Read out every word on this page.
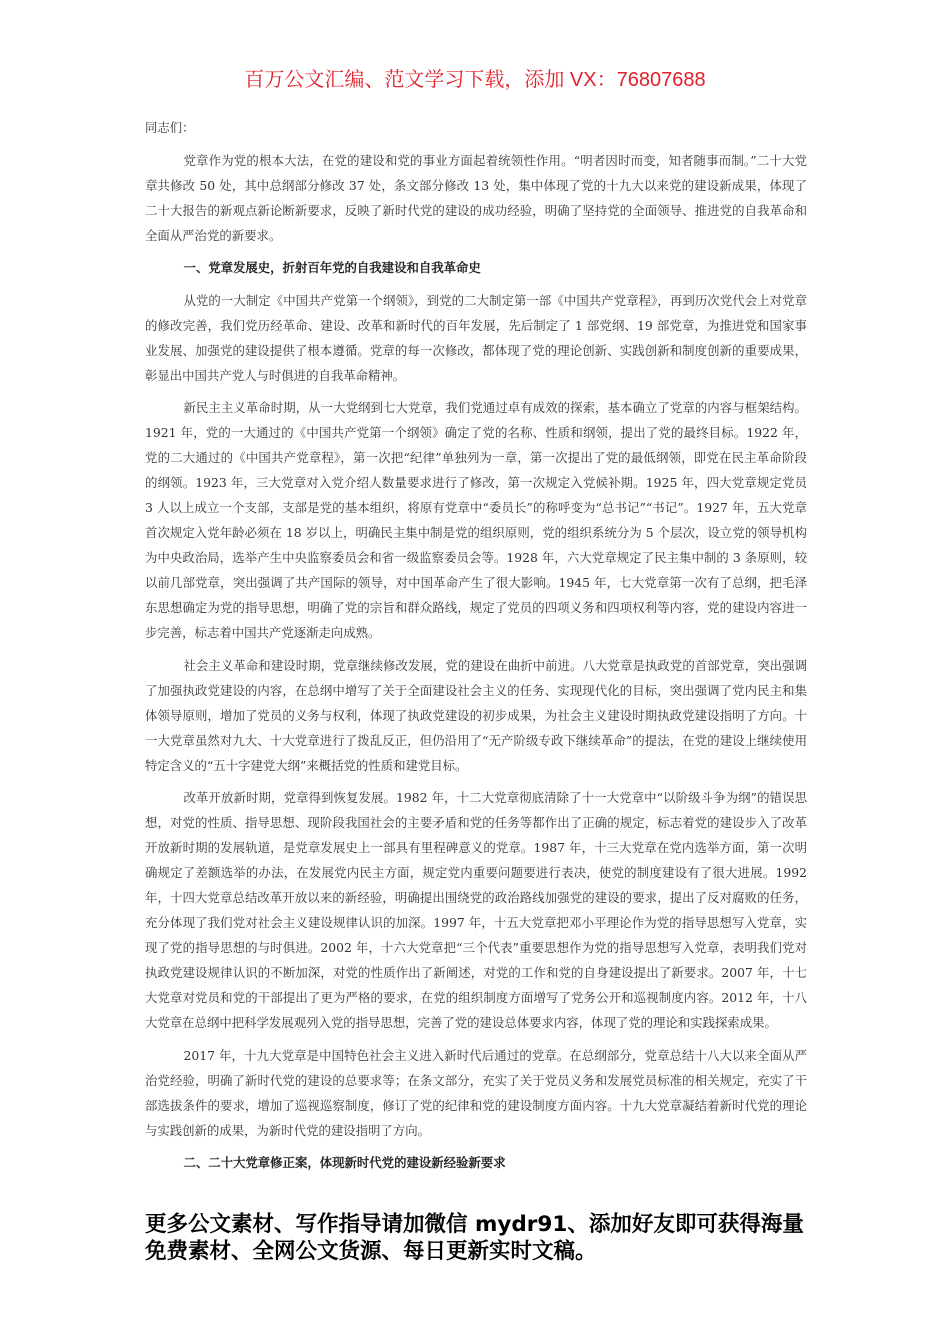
百万公文汇编、范文学习下载，添加 VX：76807688

同志们：

党章作为党的根本大法，在党的建设和党的事业方面起着统领性作用。“明者因时而变，知者随事而制。”二十大党章共修改 50 处，其中总纲部分修改 37 处，条文部分修改 13 处，集中体现了党的十九大以来党的建设新成果，体现了二十大报告的新观点新论断新要求，反映了新时代党的建设的成功经验，明确了坚持党的全面领导、推进党的自我革命和全面从严治党的新要求。

一、党章发展史，折射百年党的自我建设和自我革命史

从党的一大制定《中国共产党第一个纲领》，到党的二大制定第一部《中国共产党章程》，再到历次党代会上对党章的修改完善，我们党历经革命、建设、改革和新时代的百年发展，先后制定了 1 部党纲、19 部党章，为推进党和国家事业发展、加强党的建设提供了根本遵循。党章的每一次修改，都体现了党的理论创新、实践创新和制度创新的重要成果，彰显出中国共产党人与时俱进的自我革命精神。

新民主主义革命时期，从一大党纲到七大党章，我们党通过卓有成效的探索，基本确立了党章的内容与框架结构。1921 年，党的一大通过的《中国共产党第一个纲领》确定了党的名称、性质和纲领，提出了党的最终目标。1922 年，党的二大通过的《中国共产党章程》，第一次把“纪律”单独列为一章，第一次提出了党的最低纲领，即党在民主革命阶段的纲领。1923 年，三大党章对入党介绍人数量要求进行了修改，第一次规定入党候补期。1925 年，四大党章规定党员 3 人以上成立一个支部，支部是党的基本组织，将原有党章中“委员长”的称呼变为“总书记”“书记”。1927 年，五大党章首次规定入党年龄必须在 18 岁以上，明确民主集中制是党的组织原则，党的组织系统分为 5 个层次，设立党的领导机构为中央政治局，选举产生中央监察委员会和省一级监察委员会等。1928 年，六大党章规定了民主集中制的 3 条原则，较以前几部党章，突出强调了共产国际的领导，对中国革命产生了很大影响。1945 年，七大党章第一次有了总纲，把毛泽东思想确定为党的指导思想，明确了党的宗旨和群众路线，规定了党员的四项义务和四项权利等内容，党的建设内容进一步完善，标志着中国共产党逐渐走向成熟。

社会主义革命和建设时期，党章继续修改发展，党的建设在曲折中前进。八大党章是执政党的首部党章，突出强调了加强执政党建设的内容，在总纲中增写了关于全面建设社会主义的任务、实现现代化的目标，突出强调了党内民主和集体领导原则，增加了党员的义务与权利，体现了执政党建设的初步成果，为社会主义建设时期执政党建设指明了方向。十一大党章虽然对九大、十大党章进行了拨乱反正，但仍沿用了“无产阶级专政下继续革命”的提法，在党的建设上继续使用特定含义的“五十字建党大纲”来概括党的性质和建党目标。

改革开放新时期，党章得到恢复发展。1982 年，十二大党章彻底清除了十一大党章中“以阶级斗争为纲”的错误思想，对党的性质、指导思想、现阶段我国社会的主要矛盾和党的任务等都作出了正确的规定，标志着党的建设步入了改革开放新时期的发展轨道，是党章发展史上一部具有里程碑意义的党章。1987 年，十三大党章在党内选举方面，第一次明确规定了差额选举的办法，在发展党内民主方面，规定党内重要问题要进行表决，使党的制度建设有了很大进展。1992 年，十四大党章总结改革开放以来的新经验，明确提出围绕党的政治路线加强党的建设的要求，提出了反对腐败的任务，充分体现了我们党对社会主义建设规律认识的加深。1997 年，十五大党章把邓小平理论作为党的指导思想写入党章，实现了党的指导思想的与时俱进。2002 年，十六大党章把“三个代表”重要思想作为党的指导思想写入党章，表明我们党对执政党建设规律认识的不断加深，对党的性质作出了新阐述，对党的工作和党的自身建设提出了新要求。2007 年，十七大党章对党员和党的干部提出了更为严格的要求，在党的组织制度方面增写了党务公开和巡视制度内容。2012 年，十八大党章在总纲中把科学发展观列入党的指导思想，完善了党的建设总体要求内容，体现了党的理论和实践探索成果。

2017 年，十九大党章是中国特色社会主义进入新时代后通过的党章。在总纲部分，党章总结十八大以来全面从严治党经验，明确了新时代党的建设的总要求等；在条文部分，充实了关于党员义务和发展党员标准的相关规定，充实了干部选拔条件的要求，增加了巡视巡察制度，修订了党的纪律和党的建设制度方面内容。十九大党章凝结着新时代党的理论与实践创新的成果，为新时代党的建设指明了方向。

二、二十大党章修正案，体现新时代党的建设新经验新要求

更多公文素材、写作指导请加微信 mydr91、添加好友即可获得海量免费素材、全网公文货源、每日更新实时文稿。
